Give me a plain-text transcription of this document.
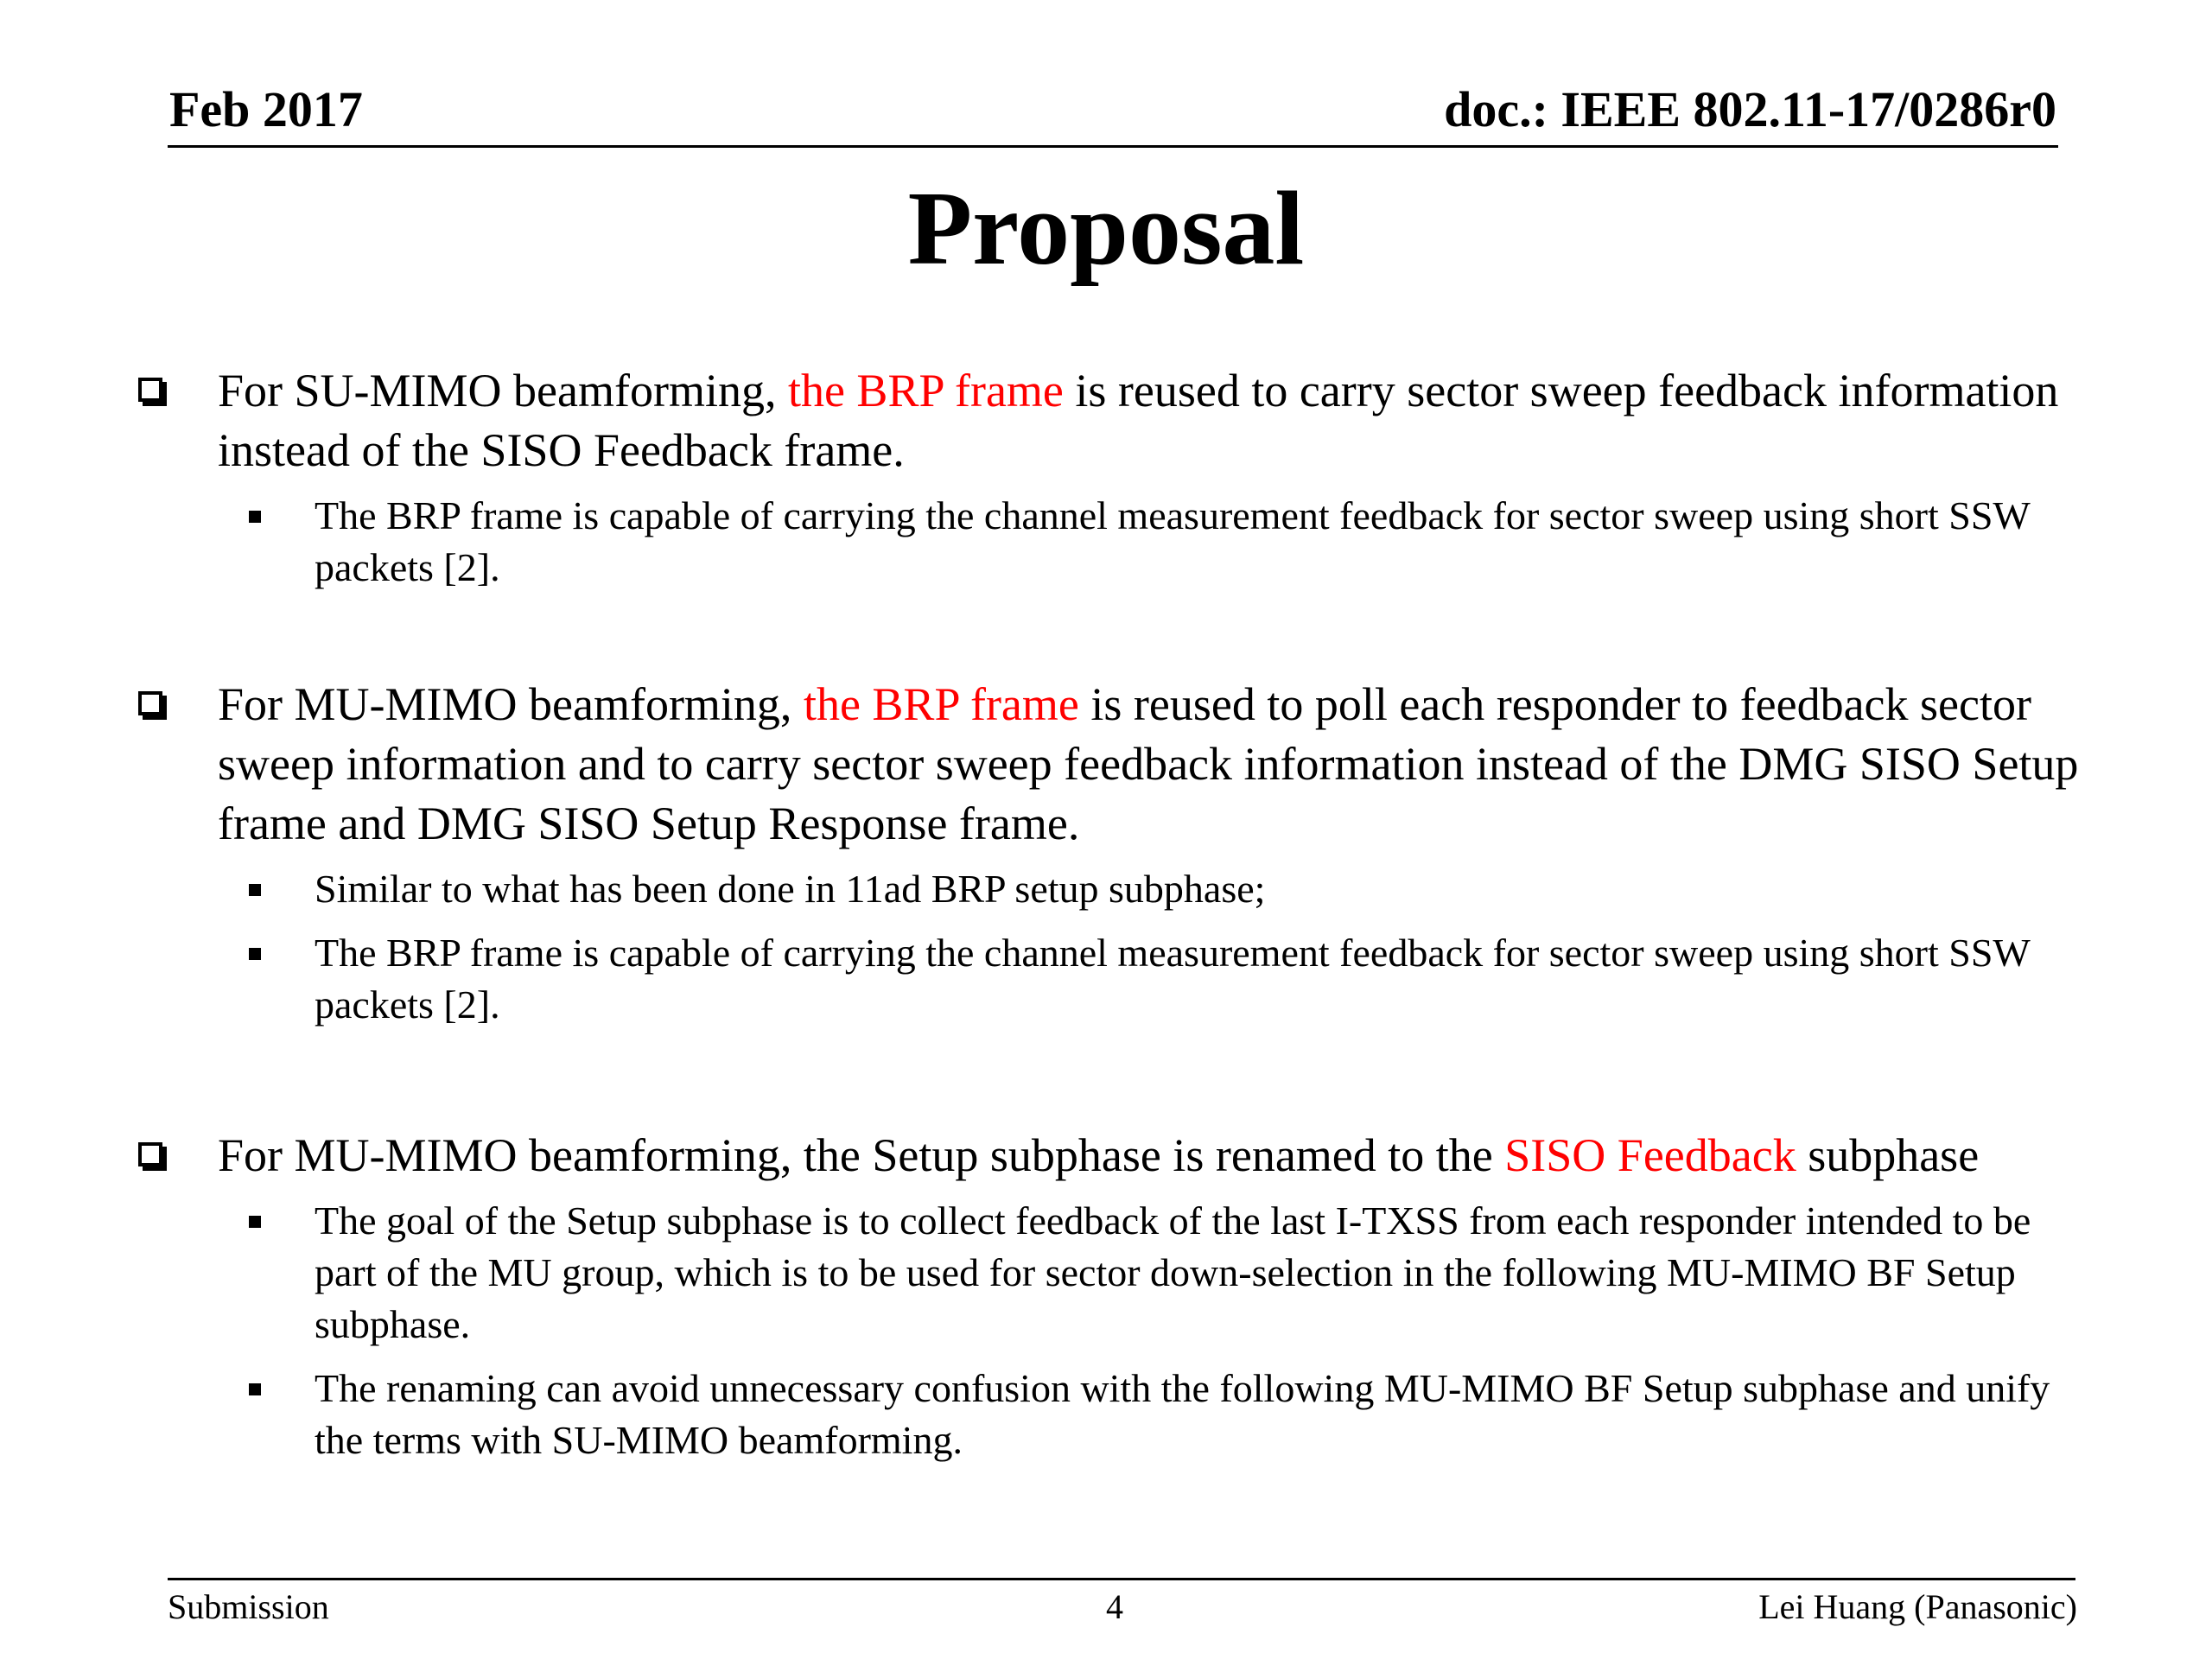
Feb 2017	doc.: IEEE 802.11-17/0286r0
Proposal
For SU-MIMO beamforming, the BRP frame is reused to carry sector sweep feedback information instead of the SISO Feedback frame.
The BRP frame is capable of carrying the channel measurement feedback for sector sweep using short SSW packets [2].
For MU-MIMO beamforming, the BRP frame is reused to poll each responder to feedback sector sweep information and to carry sector sweep feedback information instead of the DMG SISO Setup frame and DMG SISO Setup Response frame.
Similar to what has been done in 11ad BRP setup subphase;
The BRP frame is capable of carrying the channel measurement feedback for sector sweep using short SSW packets [2].
For MU-MIMO beamforming, the Setup subphase is renamed to the SISO Feedback subphase
The goal of the Setup subphase is to collect feedback of the last I-TXSS from each responder intended to be part of the MU group, which is to be used for sector down-selection in the following MU-MIMO BF Setup subphase.
The renaming can avoid unnecessary confusion with the following MU-MIMO BF Setup subphase and unify the terms with SU-MIMO beamforming.
Submission	4	Lei Huang (Panasonic)
